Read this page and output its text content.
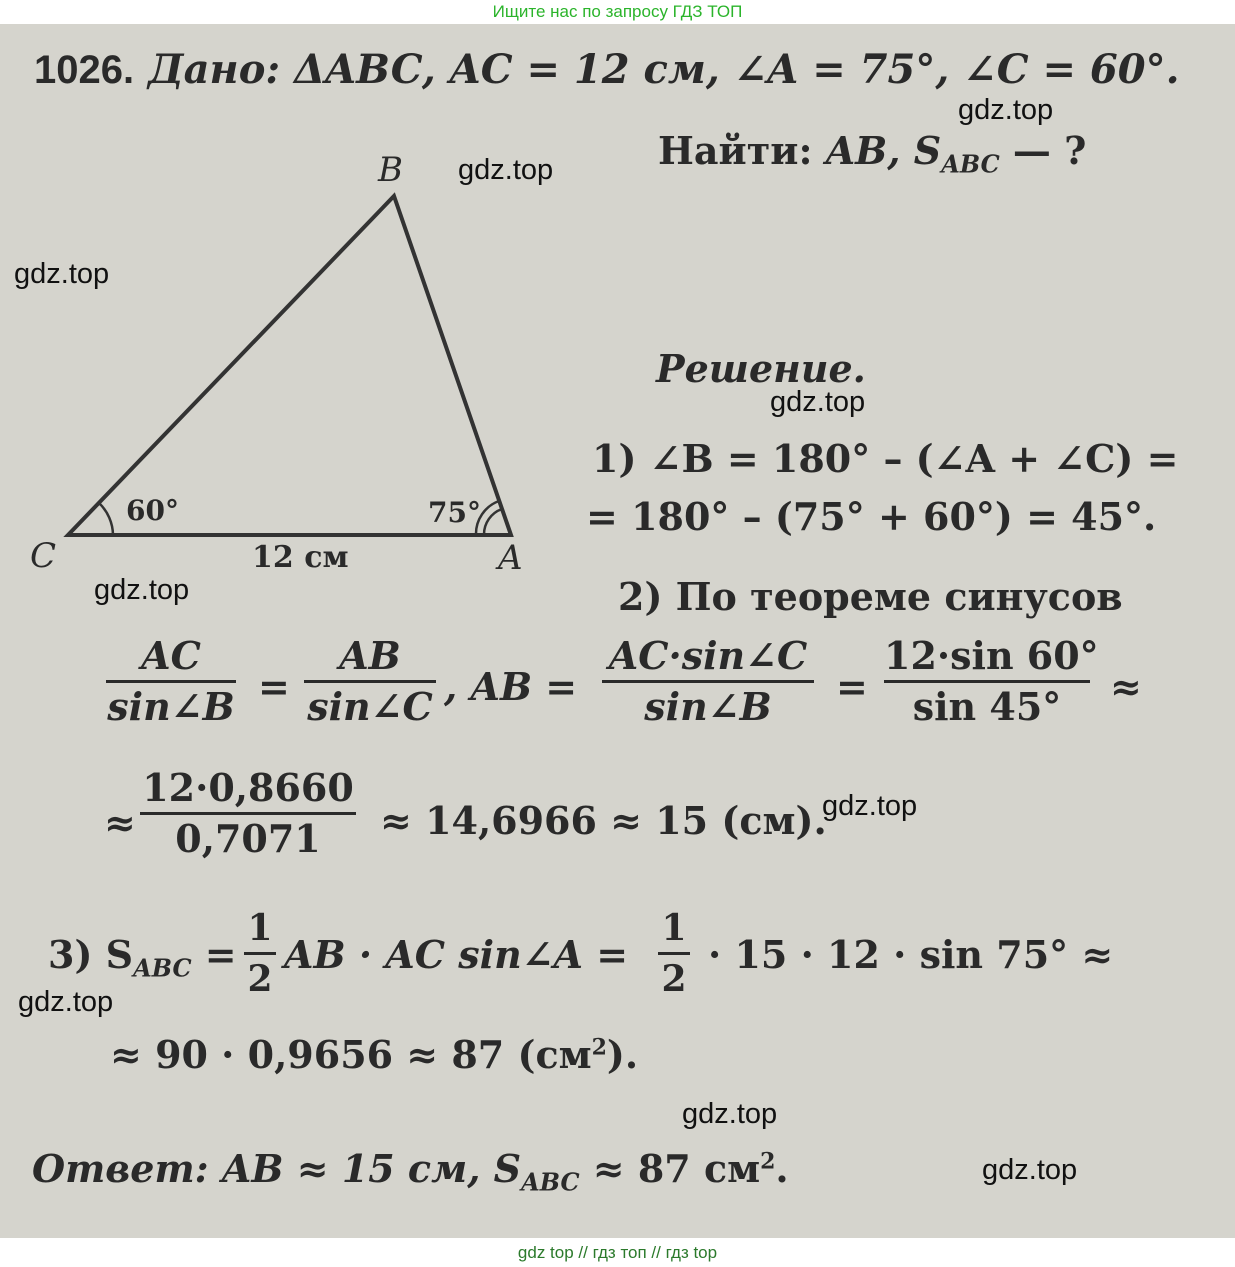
Ищите нас по запросу ГДЗ ТОП
1026. Дано: ΔABC, AC = 12 см, ∠A = 75°, ∠C = 60°.
Найти: AB, $S_{ABC}$ — ?
B
C	A
60°	75°
12 см
Решение.
1) ∠B = 180° – (∠A + ∠C) =
= 180° – (75° + 60°) = 45°.
2) По теореме синусов
AC
sin∠B =
AB
sin∠C , AB =
AC·sin∠C
sin∠B	=
12·sin 60°
sin 45°	≈
≈
12·0,8660
0,7071	≈ 14,6966 ≈ 15 (см).
3) $S_{ABC}$ =
1
2
AB · AC sin∠A =
1
2
· 15 · 12 · sin 75° ≈
≈ 90 · 0,9656 ≈ 87 $(см^2)$.
Ответ: AB ≈ 15 см, $S_{ABC} \approx 87$ $см^2$.
gdz.top
gdz.top
gdz.top
gdz.top
gdz.top
gdz.top
gdz.top
gdz.top
gdz.top
gdz top // гдз топ // гдз top
